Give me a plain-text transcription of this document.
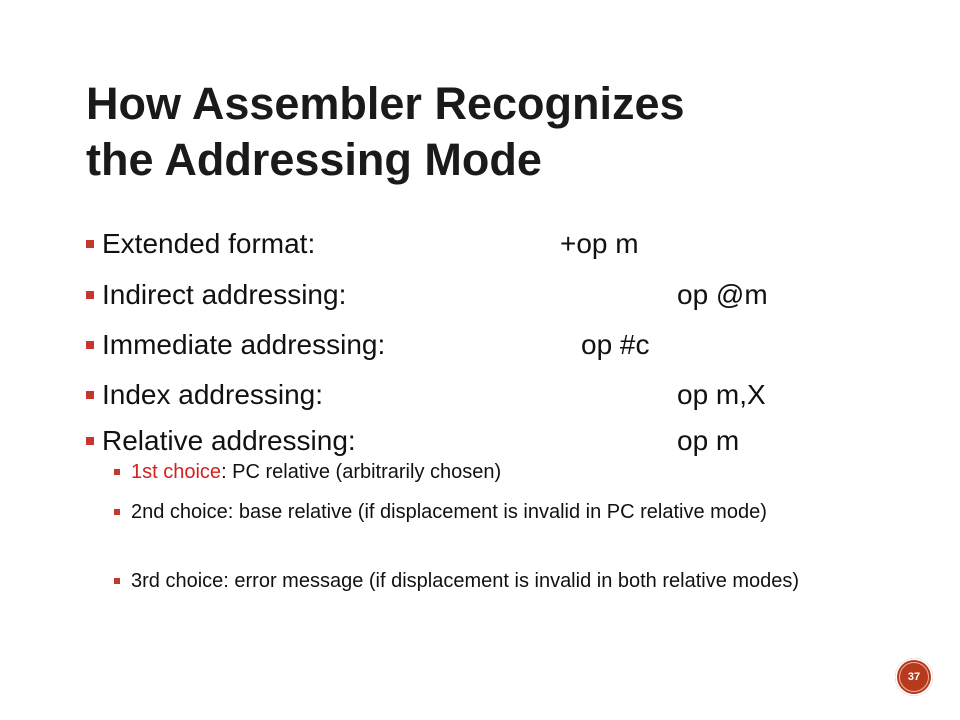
How Assembler Recognizes
the Addressing Mode
Extended format:	+op m
Indirect addressing:	op @m
Immediate addressing:	op #c
Index addressing:	op m,X
Relative addressing:	op m
1st choice: PC relative (arbitrarily chosen)
2nd choice: base relative (if displacement is invalid in PC relative mode)
3rd choice: error message (if displacement is invalid in both relative modes)
37
